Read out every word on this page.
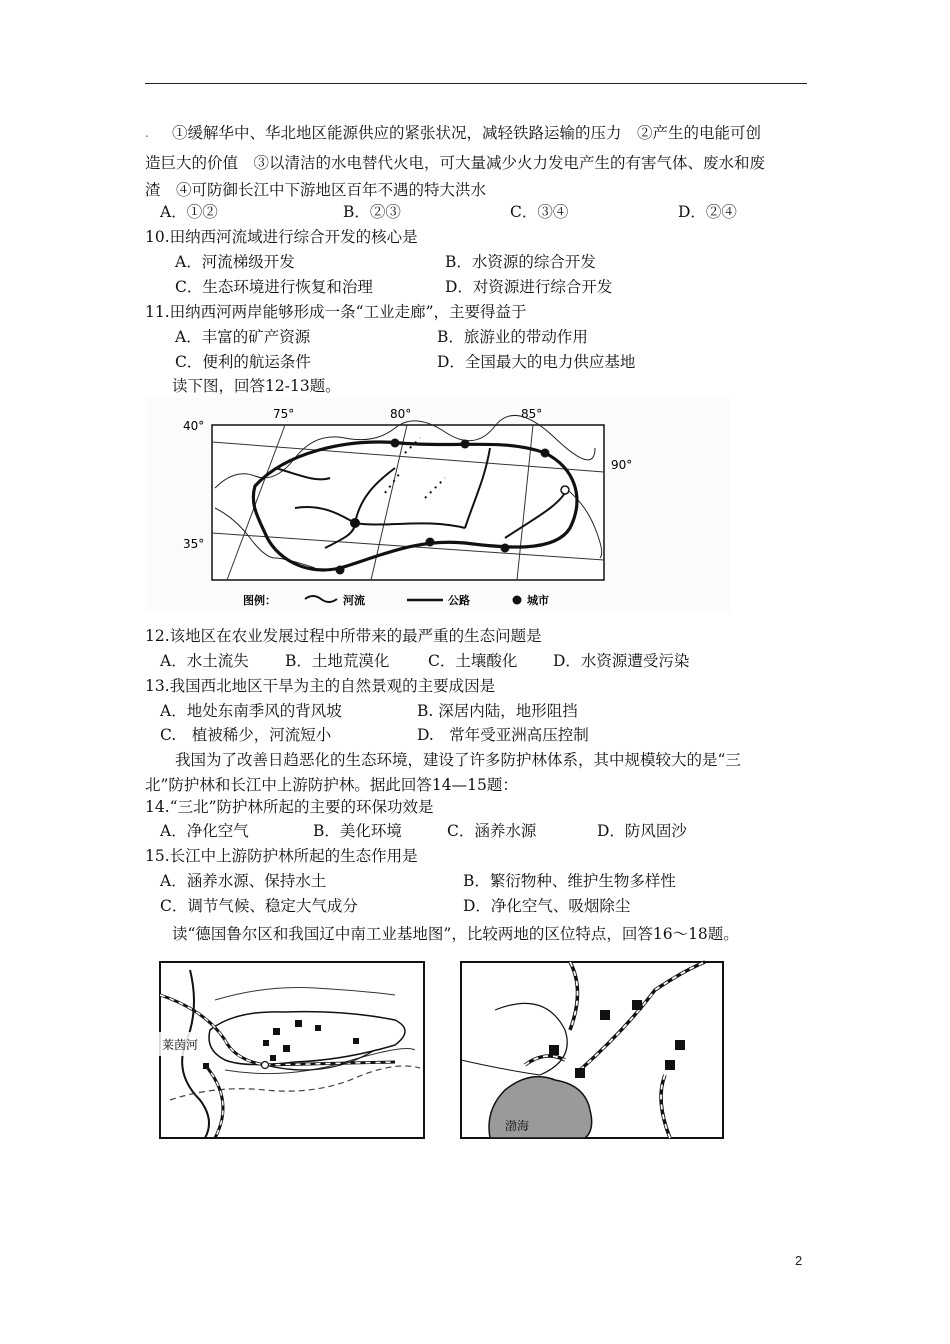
. ①缓解华中、华北地区能源供应的紧张状况，减轻铁路运输的压力　②产生的电能可创
造巨大的价值　③以清洁的水电替代火电，可大量减少火力发电产生的有害气体、废水和废
渣　④可防御长江中下游地区百年不遇的特大洪水
A．①②	B．②③	C．③④	D．②④
10.田纳西河流域进行综合开发的核心是
A．河流梯级开发	B．水资源的综合开发
C．生态环境进行恢复和治理	D．对资源进行综合开发
11.田纳西河两岸能够形成一条“工业走廊”，主要得益于
A．丰富的矿产资源	B．旅游业的带动作用
C．便利的航运条件	D．全国最大的电力供应基地
读下图，回答12-13题。
75°	80°	85°
90°
40°
35°
图例：	河流	公路	城市
12.该地区在农业发展过程中所带来的最严重的生态问题是
A．水土流失 B．土地荒漠化 C．土壤酸化 D．水资源遭受污染
13.我国西北地区干旱为主的自然景观的主要成因是
A．地处东南季风的背风坡	B. 深居内陆，地形阻挡
C.　植被稀少，河流短小	D.　常年受亚洲高压控制
我国为了改善日趋恶化的生态环境，建设了许多防护林体系，其中规模较大的是“三
北”防护林和长江中上游防护林。据此回答14—15题：
14.“三北”防护林所起的主要的环保功效是
A．净化空气	B．美化环境	C．涵养水源	D．防风固沙
15.长江中上游防护林所起的生态作用是
A．涵养水源、保持水土	B．繁衍物种、维护生物多样性
C．调节气候、稳定大气成分	D．净化空气、吸烟除尘
读“德国鲁尔区和我国辽中南工业基地图”，比较两地的区位特点，回答16～18题。
莱茵河
渤海
2
